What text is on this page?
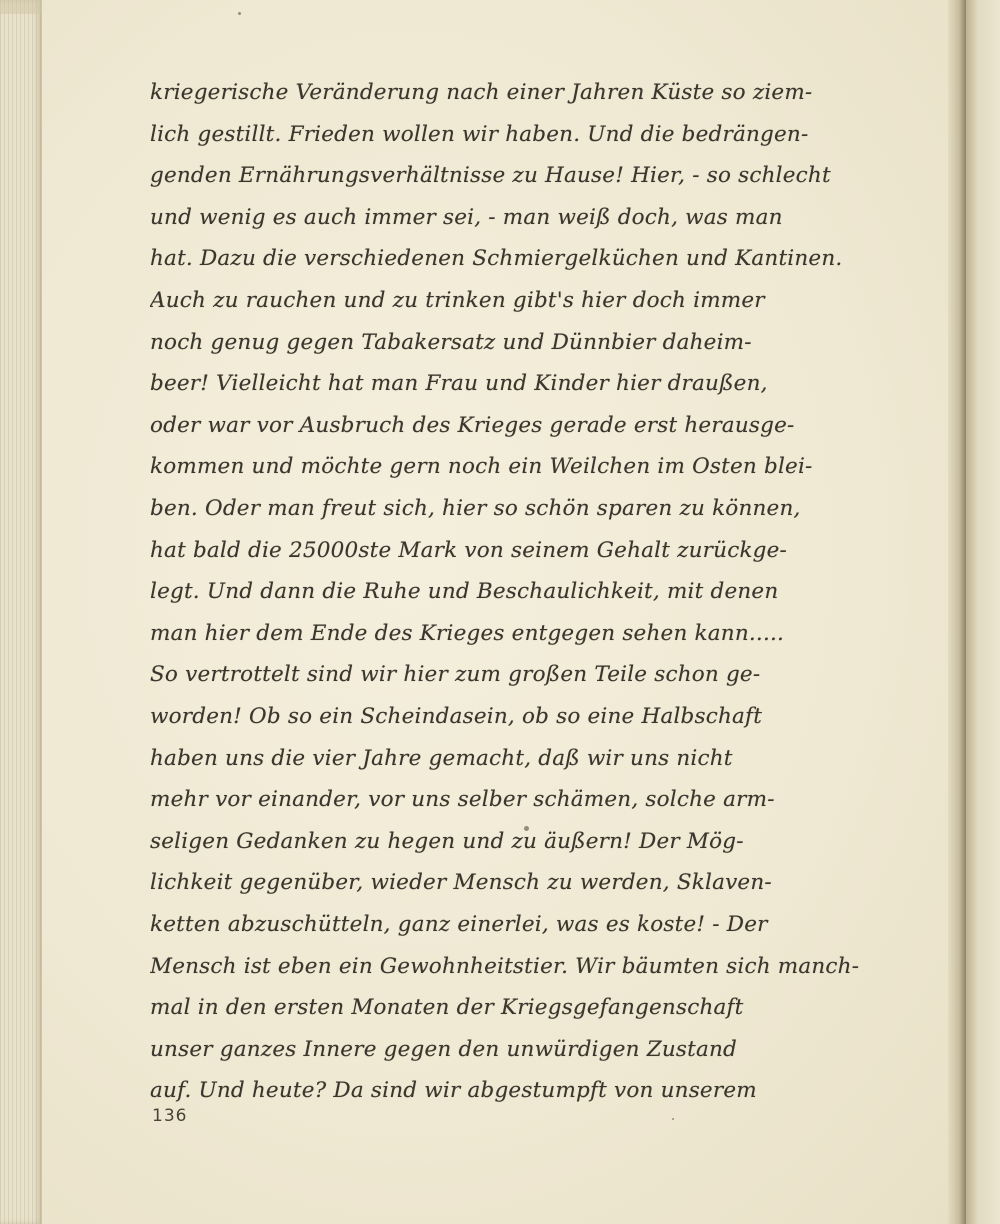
kriegerische Veränderung nach einer Jahren Küste so ziem-
lich gestillt. Frieden wollen wir haben. Und die bedrängen-
genden Ernährungsverhältnisse zu Hause! Hier, - so schlecht
und wenig es auch immer sei, - man weiß doch, was man
hat. Dazu die verschiedenen Schmiergelküchen und Kantinen.
Auch zu rauchen und zu trinken gibt's hier doch immer
noch genug gegen Tabakersatz und Dünnbier daheim-
beer! Vielleicht hat man Frau und Kinder hier draußen,
oder war vor Ausbruch des Krieges gerade erst herausge-
kommen und möchte gern noch ein Weilchen im Osten blei-
ben. Oder man freut sich, hier so schön sparen zu können,
hat bald die 25000ste Mark von seinem Gehalt zurückge-
legt. Und dann die Ruhe und Beschaulichkeit, mit denen
man hier dem Ende des Krieges entgegen sehen kann.....
So vertrottelt sind wir hier zum großen Teile schon ge-
worden! Ob so ein Scheindasein, ob so eine Halbschaft
haben uns die vier Jahre gemacht, daß wir uns nicht
mehr vor einander, vor uns selber schämen, solche arm-
seligen Gedanken zu hegen und zu äußern! Der Mög-
lichkeit gegenüber, wieder Mensch zu werden, Sklaven-
ketten abzuschütteln, ganz einerlei, was es koste! - Der
Mensch ist eben ein Gewohnheitstier. Wir bäumten sich manch-
mal in den ersten Monaten der Kriegsgefangenschaft
unser ganzes Innere gegen den unwürdigen Zustand
auf. Und heute? Da sind wir abgestumpft von unserem
136
